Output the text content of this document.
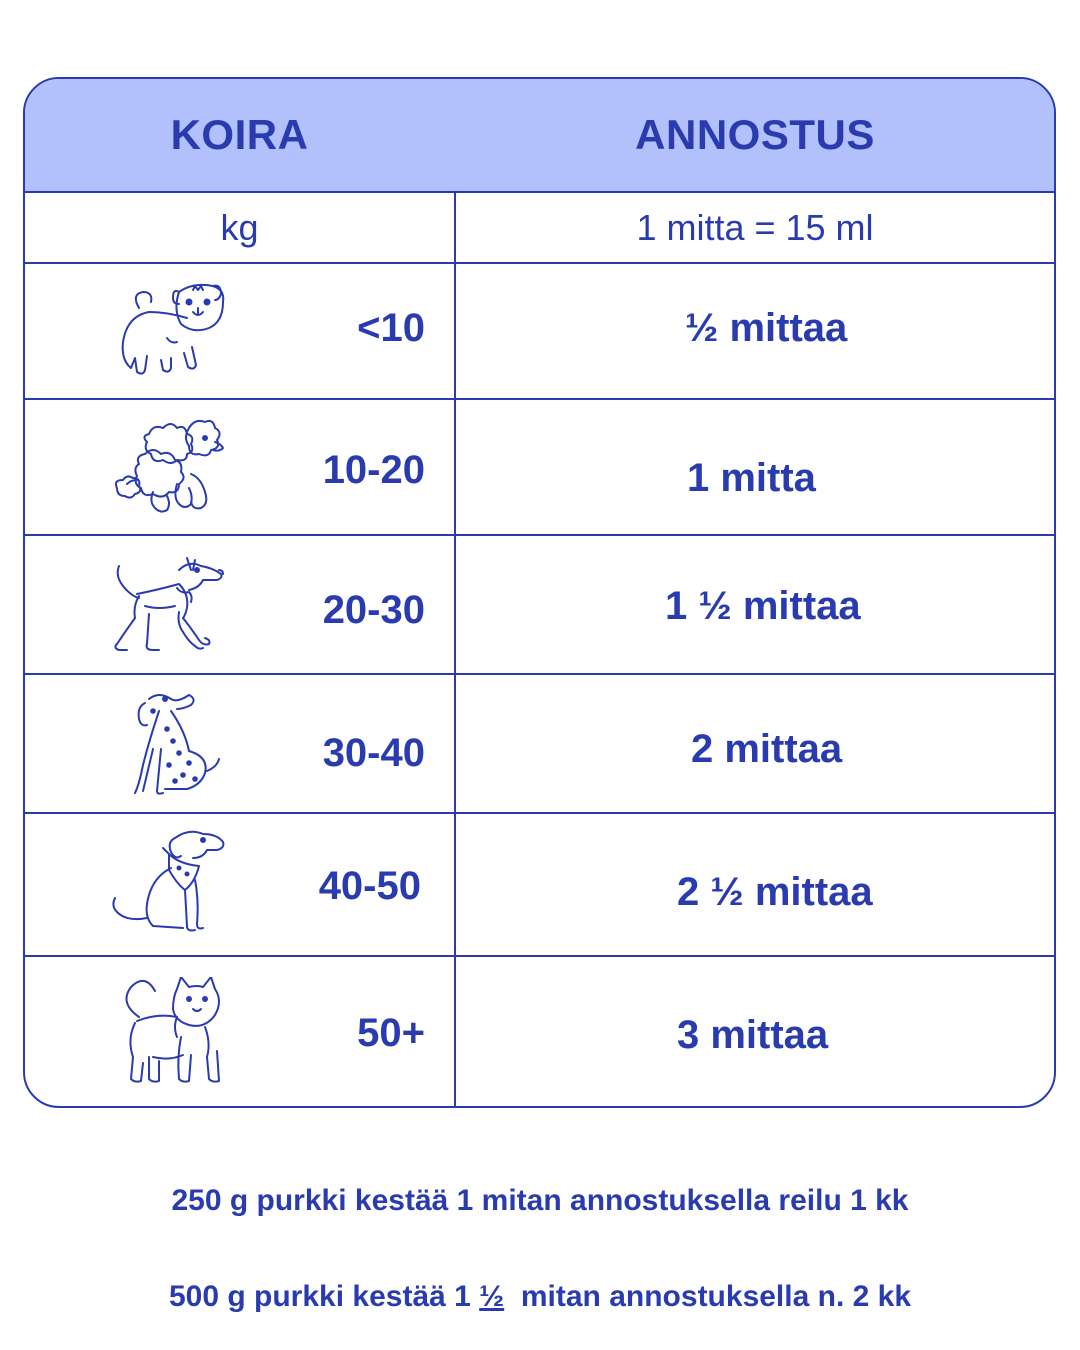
KOIRA	ANNOSTUS
kg	1 mitta = 15 ml
<10	½ mittaa
10-20	1 mitta
20-30	1 ½ mittaa
30-40	2 mittaa
40-50	2 ½ mittaa
50+	3 mittaa
250 g purkki kestää 1 mitan annostuksella reilu 1 kk
500 g purkki kestää 1 ½  mitan annostuksella n. 2 kk
